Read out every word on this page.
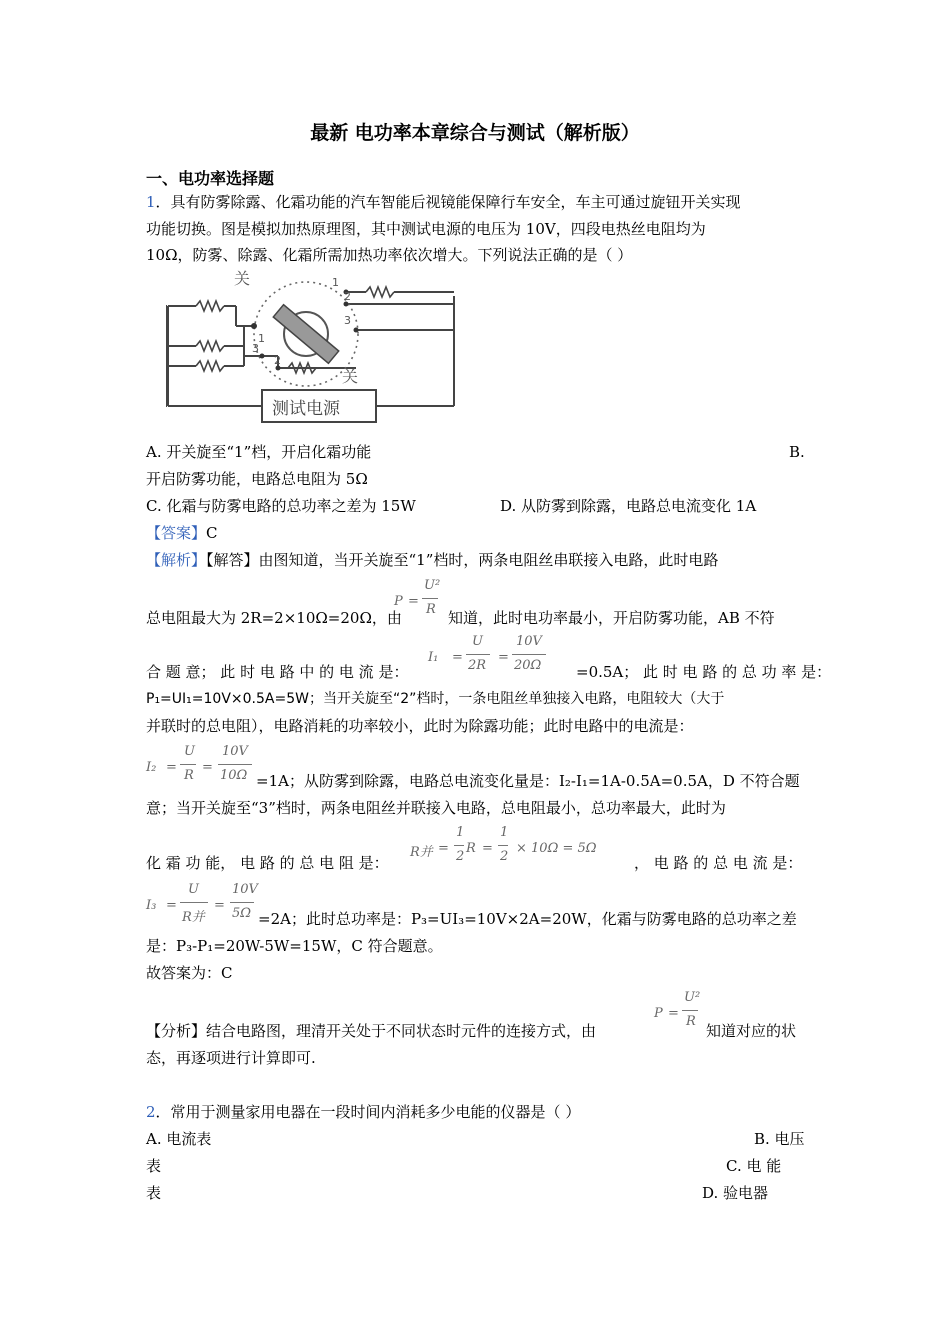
最新 电功率本章综合与测试（解析版）
一、电功率选择题
1．具有防雾除露、化霜功能的汽车智能后视镜能保障行车安全，车主可通过旋钮开关实现
功能切换。图是模拟加热原理图，其中测试电源的电压为 10V，四段电热丝电阻均为
10Ω，防雾、除露、化霜所需加热功率依次增大。下列说法正确的是（ ）
关	1
2
3
1
3
2
关
测试电源
A. 开关旋至“1”档，开启化霜功能	B.
开启防雾功能，电路总电阻为 5Ω
C. 化霜与防雾电路的总功率之差为 15W	D. 从防雾到除露，电路总电流变化 1A
【答案】C
【解析】【解答】由图知道，当开关旋至“1”档时，两条电阻丝串联接入电路，此时电路
总电阻最大为 2R=2×10Ω=20Ω，由
P =
U²
R 知道，此时电功率最小，开启防雾功能，AB 不符
合 题 意； 此 时 电 路 中 的 电 流 是：
I₁ =
U
2R
=
10V
20Ω =0.5A； 此 时 电 路 的 总 功 率 是：
P₁=UI₁=10V×0.5A=5W；当开关旋至“2”档时，一条电阻丝单独接入电路，电阻较大（大于
并联时的总电阻），电路消耗的功率较小，此时为除露功能；此时电路中的电流是：
I₂ =
U
R
=
10V
10Ω =1A；从防雾到除露，电路总电流变化量是：I₂-I₁=1A-0.5A=0.5A，D 不符合题
意；当开关旋至“3”档时，两条电阻丝并联接入电路，总电阻最小，总功率最大，此时为
化 霜 功 能， 电 路 的 总 电 阻 是：
R并 =
1
2
R =
1
2
× 10Ω = 5Ω
， 电 路 的 总 电 流 是：
I₃ =
U
R并
=
10V
5Ω =2A；此时总功率是：P₃=UI₃=10V×2A=20W，化霜与防雾电路的总功率之差
是：P₃-P₁=20W-5W=15W，C 符合题意。
故答案为：C
【分析】结合电路图，理清开关处于不同状态时元件的连接方式，由
P =
U²
R
知道对应的状
态，再逐项进行计算即可.
2．常用于测量家用电器在一段时间内消耗多少电能的仪器是（ ）
A. 电流表	B. 电压
表	C. 电 能
表	D. 验电器
